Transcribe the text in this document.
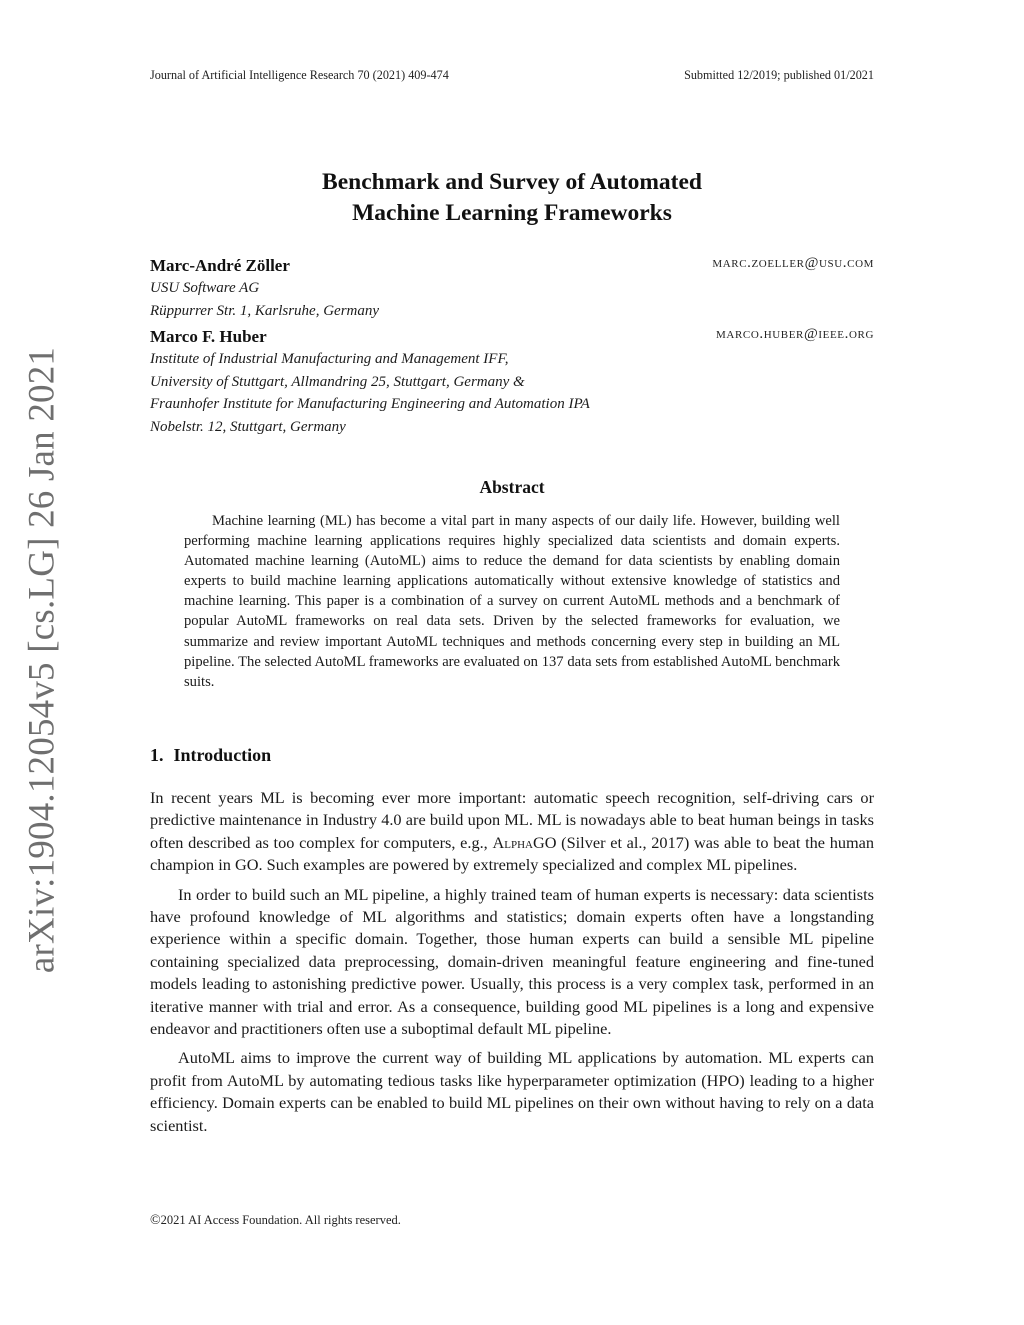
arXiv:1904.12054v5 [cs.LG] 26 Jan 2021
Journal of Artificial Intelligence Research 70 (2021) 409-474	Submitted 12/2019; published 01/2021
Benchmark and Survey of Automated
Machine Learning Frameworks
Marc-André Zöller	marc.zoeller@usu.com
USU Software AG
Rüppurrer Str. 1, Karlsruhe, Germany
Marco F. Huber	marco.huber@ieee.org
Institute of Industrial Manufacturing and Management IFF,
University of Stuttgart, Allmandring 25, Stuttgart, Germany &
Fraunhofer Institute for Manufacturing Engineering and Automation IPA
Nobelstr. 12, Stuttgart, Germany
Abstract
Machine learning (ML) has become a vital part in many aspects of our daily life. However, building well performing machine learning applications requires highly specialized data scientists and domain experts. Automated machine learning (AutoML) aims to reduce the demand for data scientists by enabling domain experts to build machine learning applications automatically without extensive knowledge of statistics and machine learning. This paper is a combination of a survey on current AutoML methods and a benchmark of popular AutoML frameworks on real data sets. Driven by the selected frameworks for evaluation, we summarize and review important AutoML techniques and methods concerning every step in building an ML pipeline. The selected AutoML frameworks are evaluated on 137 data sets from established AutoML benchmark suits.
1. Introduction

In recent years ML is becoming ever more important: automatic speech recognition, self-driving cars or predictive maintenance in Industry 4.0 are build upon ML. ML is nowadays able to beat human beings in tasks often described as too complex for computers, e.g., AlphaGO (Silver et al., 2017) was able to beat the human champion in GO. Such examples are powered by extremely specialized and complex ML pipelines.

In order to build such an ML pipeline, a highly trained team of human experts is necessary: data scientists have profound knowledge of ML algorithms and statistics; domain experts often have a longstanding experience within a specific domain. Together, those human experts can build a sensible ML pipeline containing specialized data preprocessing, domain-driven meaningful feature engineering and fine-tuned models leading to astonishing predictive power. Usually, this process is a very complex task, performed in an iterative manner with trial and error. As a consequence, building good ML pipelines is a long and expensive endeavor and practitioners often use a suboptimal default ML pipeline.

AutoML aims to improve the current way of building ML applications by automation. ML experts can profit from AutoML by automating tedious tasks like hyperparameter optimization (HPO) leading to a higher efficiency. Domain experts can be enabled to build ML pipelines on their own without having to rely on a data scientist.

©2021 AI Access Foundation. All rights reserved.
